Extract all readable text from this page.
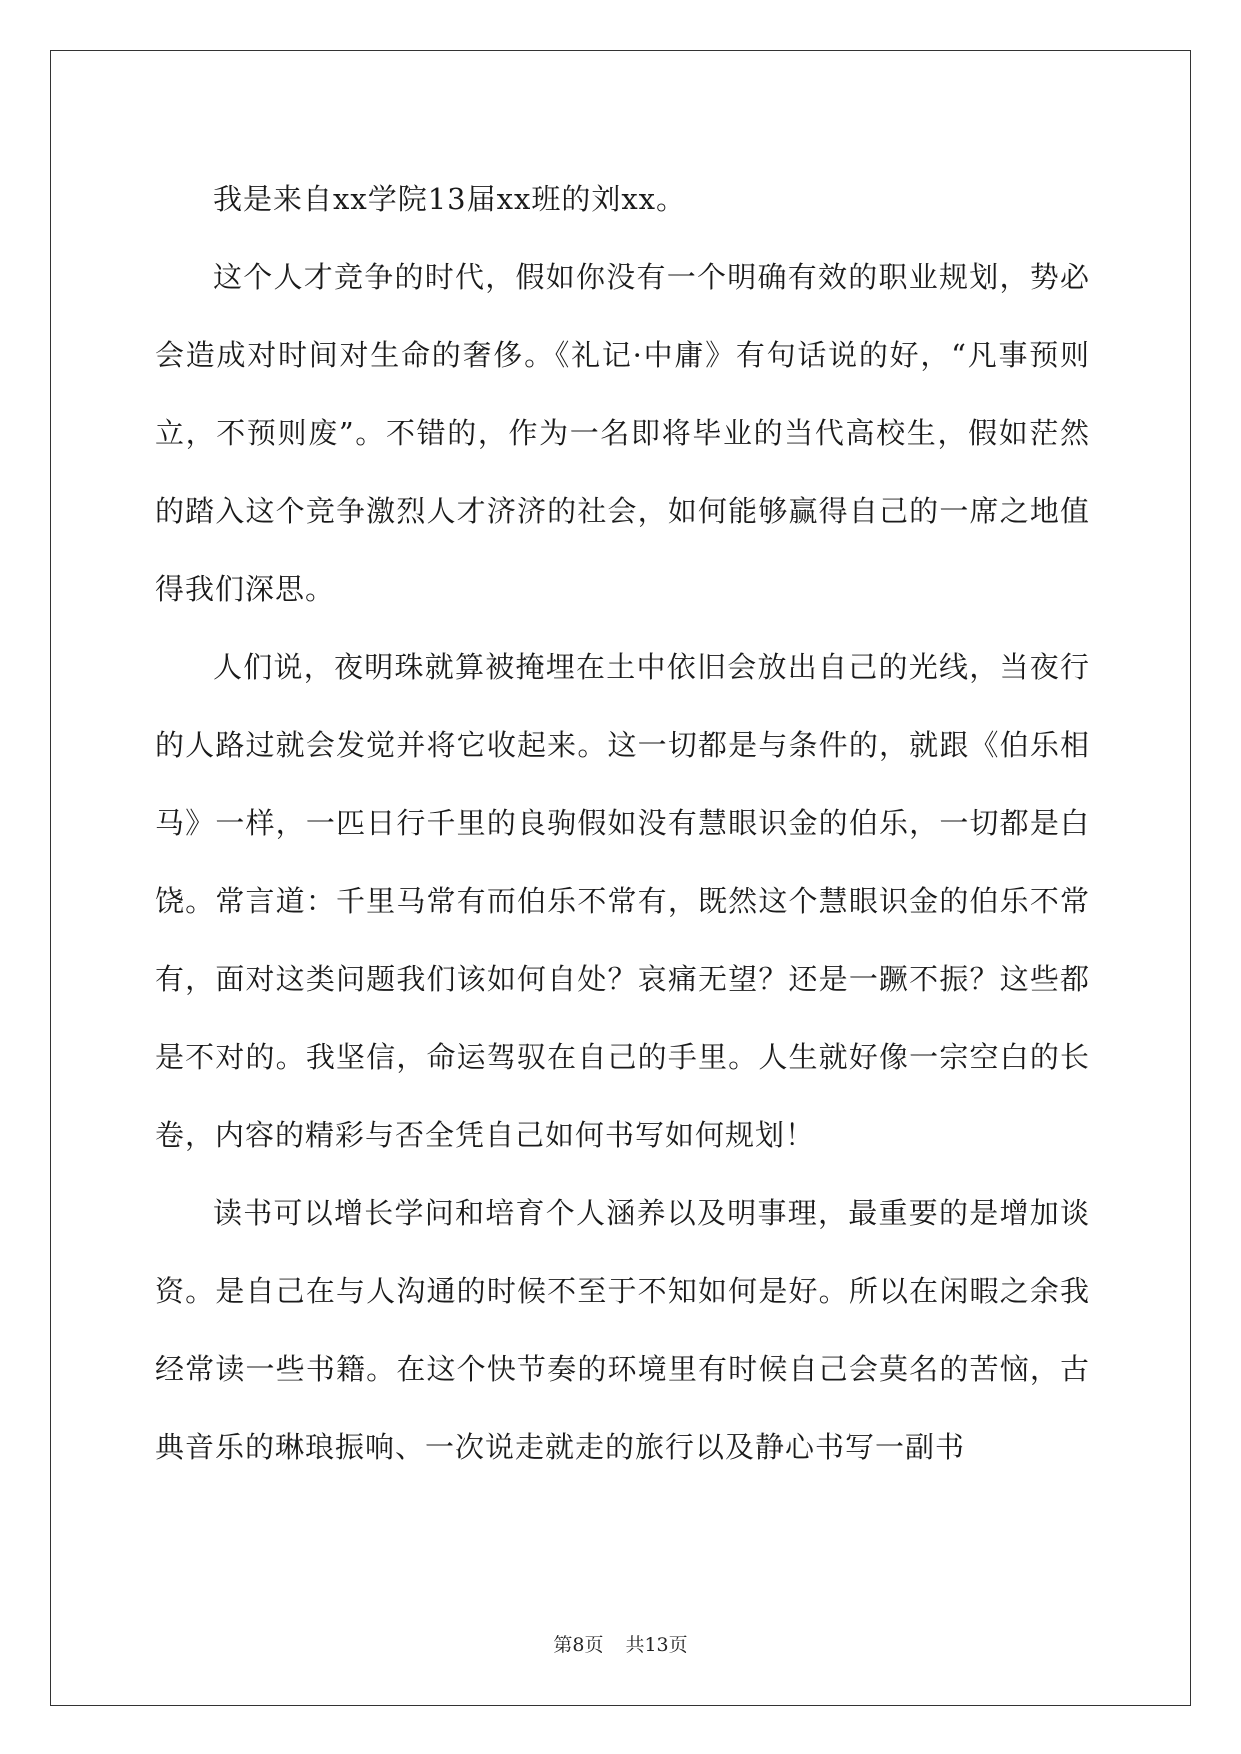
我是来自xx学院13届xx班的刘xx。

这个人才竞争的时代，假如你没有一个明确有效的职业规划，势必会造成对时间对生命的奢侈。《礼记·中庸》有句话说的好，“凡事预则立，不预则废”。不错的，作为一名即将毕业的当代高校生，假如茫然的踏入这个竞争激烈人才济济的社会，如何能够赢得自己的一席之地值得我们深思。

人们说，夜明珠就算被掩埋在土中依旧会放出自己的光线，当夜行的人路过就会发觉并将它收起来。这一切都是与条件的，就跟《伯乐相马》一样，一匹日行千里的良驹假如没有慧眼识金的伯乐，一切都是白饶。常言道：千里马常有而伯乐不常有，既然这个慧眼识金的伯乐不常有，面对这类问题我们该如何自处？哀痛无望？还是一蹶不振？这些都是不对的。我坚信，命运驾驭在自己的手里。人生就好像一宗空白的长卷，内容的精彩与否全凭自己如何书写如何规划！

读书可以增长学问和培育个人涵养以及明事理，最重要的是增加谈资。是自己在与人沟通的时候不至于不知如何是好。所以在闲暇之余我经常读一些书籍。在这个快节奏的环境里有时候自己会莫名的苦恼，古典音乐的琳琅振响、一次说走就走的旅行以及静心书写一副书

第8页 共13页
